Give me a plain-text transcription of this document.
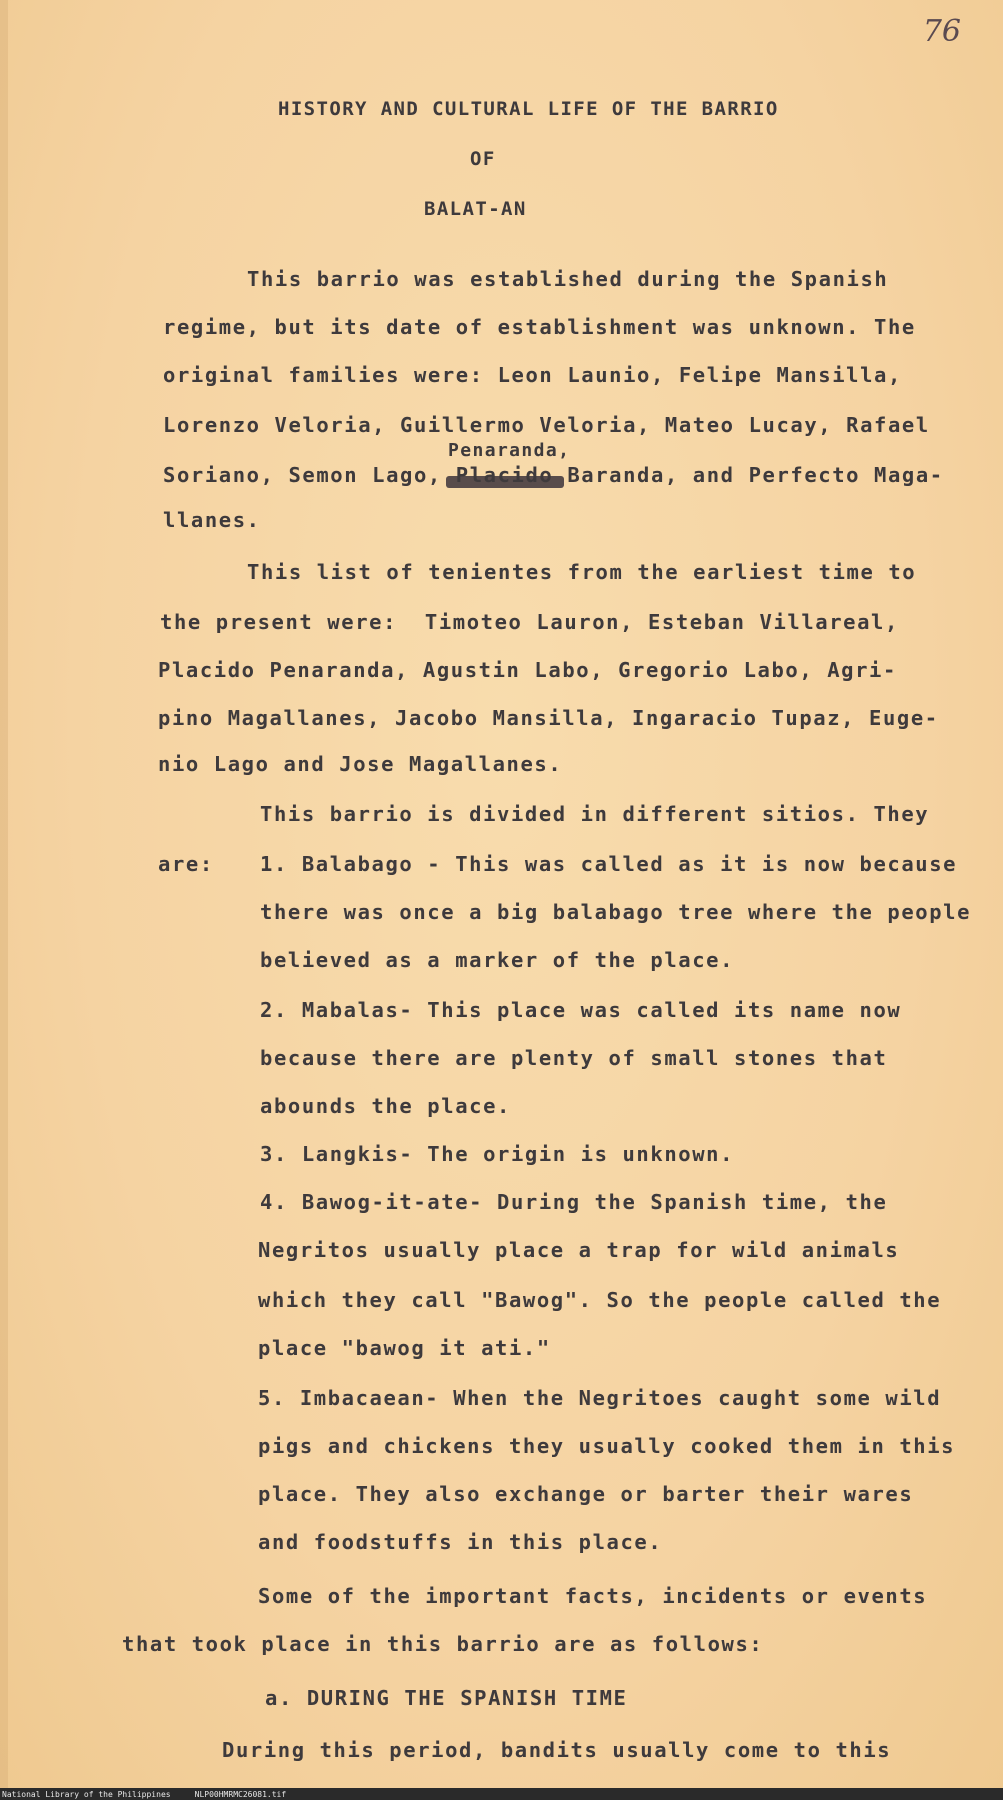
76
HISTORY AND CULTURAL LIFE OF THE BARRIO
OF
BALAT-AN
Penaranda,
This barrio was established during the Spanish
regime, but its date of establishment was unknown. The
original families were: Leon Launio, Felipe Mansilla,
Lorenzo Veloria, Guillermo Veloria, Mateo Lucay, Rafael
Soriano, Semon Lago, Placido Baranda, and Perfecto Maga-
llanes.
This list of tenientes from the earliest time to
the present were:  Timoteo Lauron, Esteban Villareal,
Placido Penaranda, Agustin Labo, Gregorio Labo, Agri-
pino Magallanes, Jacobo Mansilla, Ingaracio Tupaz, Euge-
nio Lago and Jose Magallanes.
This barrio is divided in different sitios. They
are: 1. Balabago - This was called as it is now because
there was once a big balabago tree where the people
believed as a marker of the place.
2. Mabalas- This place was called its name now
because there are plenty of small stones that
abounds the place.
3. Langkis- The origin is unknown.
4. Bawog-it-ate- During the Spanish time, the
Negritos usually place a trap for wild animals
which they call "Bawog". So the people called the
place "bawog it ati."
5. Imbacaean- When the Negritoes caught some wild
pigs and chickens they usually cooked them in this
place. They also exchange or barter their wares
and foodstuffs in this place.
Some of the important facts, incidents or events
that took place in this barrio are as follows:
a. DURING THE SPANISH TIME
During this period, bandits usually come to this
National Library of the Philippines     NLP00HMRMC26081.tif
